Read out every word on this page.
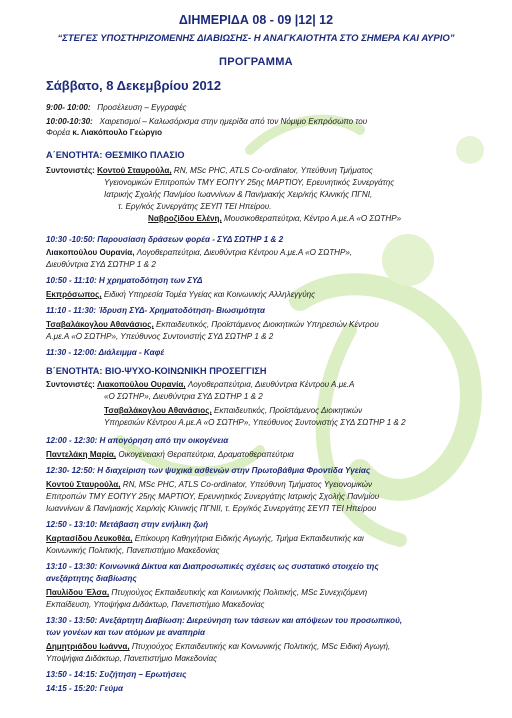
ΔΙΗΜΕΡΙΔΑ 08 - 09 |12| 12
“ΣΤΕΓΕΣ ΥΠΟΣΤΗΡΙΖΟΜΕΝΗΣ ΔΙΑΒΙΩΣΗΣ- Η ΑΝΑΓΚΑΙΟΤΗΤΑ ΣΤΟ ΣΗΜΕΡΑ ΚΑΙ ΑΥΡΙΟ”
ΠΡΟΓΡΑΜΜΑ
Σάββατο, 8 Δεκεμβρίου 2012
9:00- 10:00: Προσέλευση – Εγγραφές
10:00-10:30: Χαιρετισμοί – Καλωσόρισμα στην ημερίδα από τον Νόμιμο Εκπρόσωπο του
Φορέα κ. Λιακόπουλο Γεώργιο
Α΄ΕΝΟΤΗΤΑ: ΘΕΣΜΙΚΟ ΠΛΑΣΙΟ
Συντονιστές: Κοντού Σταυρούλα, RN, MSc PHC, ATLS Co-ordinator, Υπεύθυνη Τμήματος
Υγειονομικών Επιτροπών ΤΜΥ ΕΟΠΥΥ 25ης ΜΑΡΤΙΟΥ, Ερευνητικός Συνεργάτης
Ιατρικής Σχολής Παν/μίου Ιωαννίνων & Παν/μιακής Χειρ/κής Κλινικής ΠΓΝΙ,
τ. Εργ/κός Συνεργάτης ΣΕΥΠ ΤΕΙ Ηπείρου.
Ναβροζίδου Ελένη, Μουσικοθεραπεύτρια, Κέντρο Α.με.Α «Ο ΣΩΤΗΡ»
10:30 -10:50: Παρουσίαση δράσεων φορέα - ΣΥΔ ΣΩΤΗΡ 1 & 2
Λιακοπούλου Ουρανία, Λογοθεραπεύτρια, Διευθύντρια Κέντρου Α.με.Α «Ο ΣΩΤΗΡ»,
Διευθύντρια ΣΥΔ ΣΩΤΗΡ 1 & 2
10:50 - 11:10: Η χρηματοδότηση των ΣΥΔ
Εκπρόσωπος, Ειδική Υπηρεσία Τομέα Υγείας και Κοινωνικής Αλληλεγγύης
11:10 - 11:30: Ίδρυση ΣΥΔ- Χρηματοδότηση- Βιωσιμότητα
Τσαβαλάκογλου Αθανάσιος, Εκπαιδευτικός, Προϊστάμενος Διοικητικών Υπηρεσιών Κέντρου
Α.με.Α «Ο ΣΩΤΗΡ», Υπεύθυνος Συντονιστής ΣΥΔ ΣΩΤΗΡ 1 & 2
11:30 - 12:00: Διάλειμμα - Καφέ
Β΄ΕΝΟΤΗΤΑ: ΒΙΟ-ΨΥΧΟ-ΚΟΙΝΩΝΙΚΗ ΠΡΟΣΕΓΓΙΣΗ
Συντονιστές: Λιακοπούλου Ουρανία, Λογοθεραπεύτρια, Διευθύντρια Κέντρου Α.με.Α
«Ο ΣΩΤΗΡ», Διευθύντρια ΣΥΔ ΣΩΤΗΡ 1 & 2
Τσαβαλάκογλου Αθανάσιος, Εκπαιδευτικός, Προϊστάμενος Διοικητικών
Υπηρεσιών Κέντρου Α.με.Α «Ο ΣΩΤΗΡ», Υπεύθυνος Συντονιστής ΣΥΔ ΣΩΤΗΡ 1 & 2
12:00 - 12:30: Η απογόρηση από την οικογένεια
Παντελάκη Μαρία, Οικογενειακή Θεραπεύτρια, Δραματοθεραπεύτρια
12:30- 12:50: Η διαχείριση των ψυχικά ασθενών στην Πρωτοβάθμια Φροντίδα Υγείας
Κοντού Σταυρούλα, RN, MSc PHC, ATLS Co-ordinator, Υπεύθυνη Τμήματος Υγειονομικών
Επιτροπών ΤΜΥ ΕΟΠΥΥ 25ης ΜΑΡΤΙΟΥ, Ερευνητικός Συνεργάτης Ιατρικής Σχολής Παν/μίου
Ιωαννίνων & Παν/μιακής Χειρ/κής Κλινικής ΠΓΝΙΙ, τ. Εργ/κός Συνεργάτης ΣΕΥΠ ΤΕΙ Ηπείρου
12:50 - 13:10: Μετάβαση στην ενήλικη ζωή
Καρτασίδου Λευκοθέα, Επίκουρη Καθηγήτρια Ειδικής Αγωγής, Τμήμα Εκπαιδευτικής και
Κοινωνικής Πολιτικής, Πανεπιστήμιο Μακεδονίας
13:10 - 13:30: Κοινωνικά Δίκτυα και Διαπροσωπικές σχέσεις ως συστατικό στοιχείο της
ανεξάρτητης διαβίωσης
Παυλίδου Έλσα, Πτυχιούχος Εκπαιδευτικής και Κοινωνικής Πολιτικής, MSc Συνεχιζόμενη
Εκπαίδευση, Υποψήφια Διδάκτωρ, Πανεπιστήμιο Μακεδονίας
13:30 - 13:50: Ανεξάρτητη Διαβίωση: Διερεύνηση των τάσεων και απόψεων του προσωπικού,
των γονέων και των ατόμων με αναπηρία
Δημητριάδου Ιωάννα, Πτυχιούχος Εκπαιδευτικής και Κοινωνικής Πολιτικής, MSc Ειδική Αγωγή,
Υποψήφια Διδάκτωρ, Πανεπιστήμιο Μακεδονίας
13:50 - 14:15: Συζήτηση – Ερωτήσεις
14:15 - 15:20: Γεύμα
